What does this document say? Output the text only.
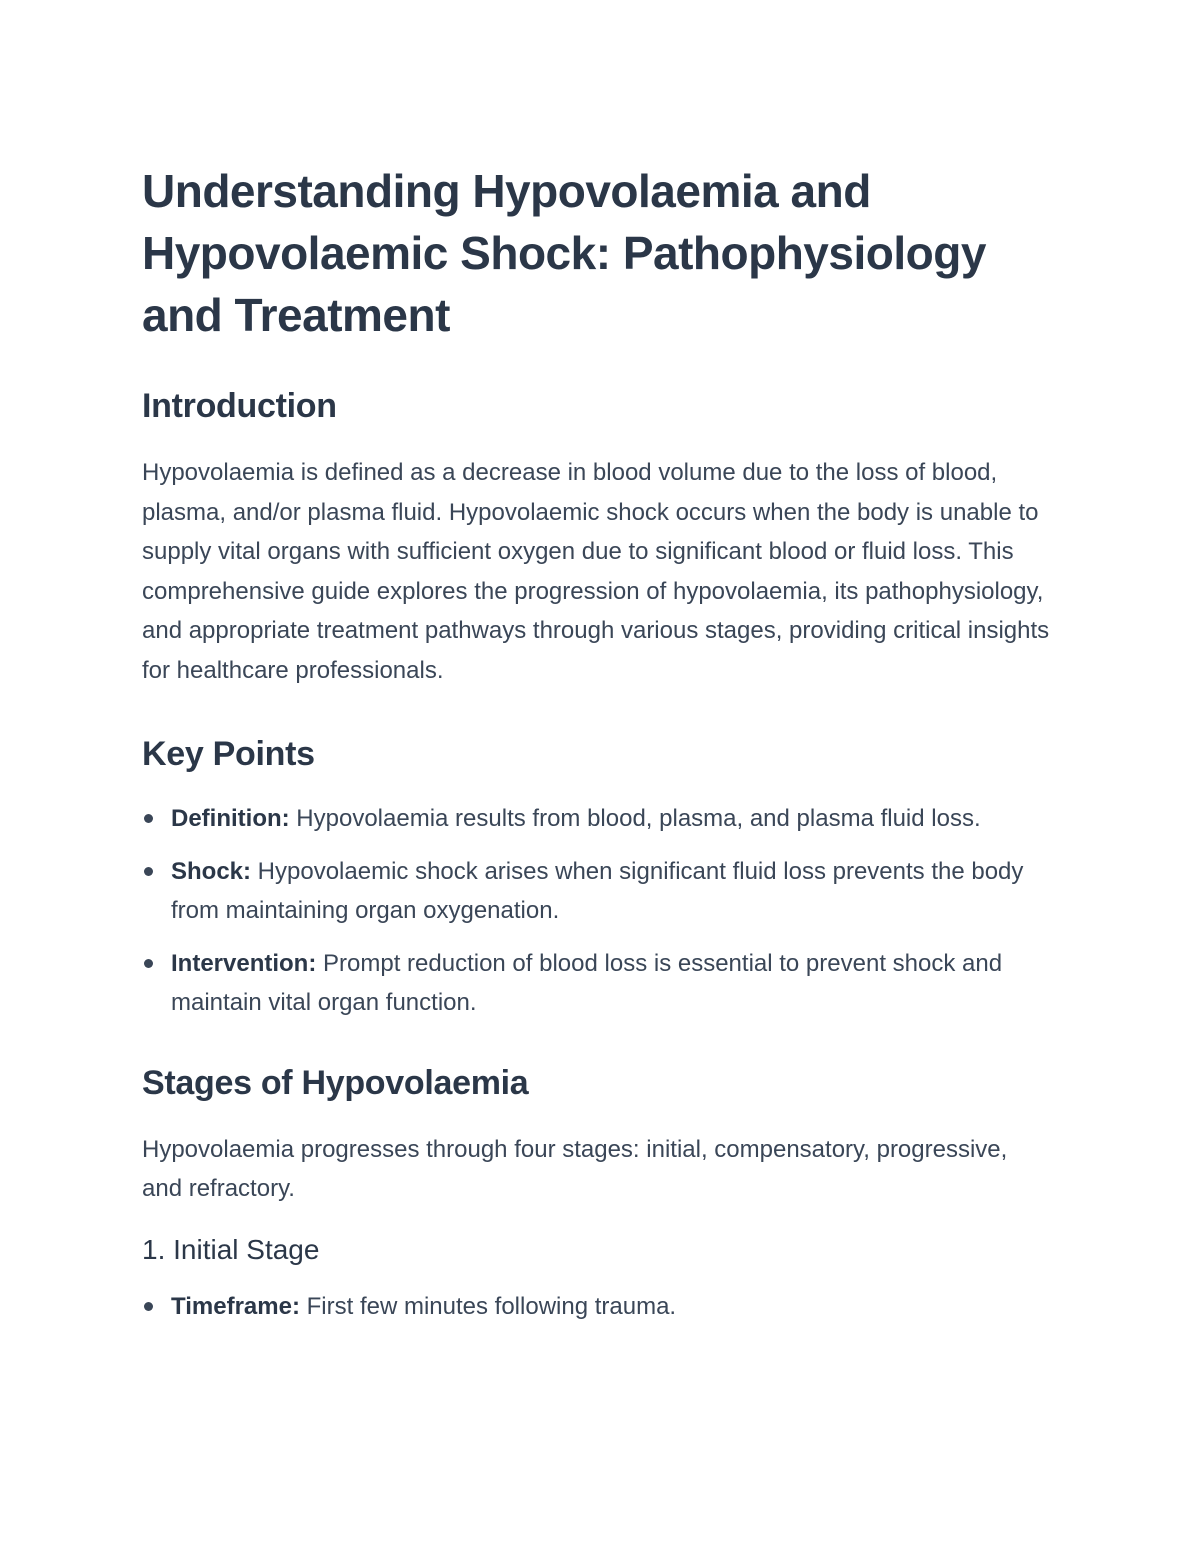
Understanding Hypovolaemia and Hypovolaemic Shock: Pathophysiology and Treatment
Introduction

Hypovolaemia is defined as a decrease in blood volume due to the loss of blood, plasma, and/or plasma fluid. Hypovolaemic shock occurs when the body is unable to supply vital organs with sufficient oxygen due to significant blood or fluid loss. This comprehensive guide explores the progression of hypovolaemia, its pathophysiology, and appropriate treatment pathways through various stages, providing critical insights for healthcare professionals.

Key Points
Definition: Hypovolaemia results from blood, plasma, and plasma fluid loss.
Shock: Hypovolaemic shock arises when significant fluid loss prevents the body from maintaining organ oxygenation.
Intervention: Prompt reduction of blood loss is essential to prevent shock and maintain vital organ function.
Stages of Hypovolaemia

Hypovolaemia progresses through four stages: initial, compensatory, progressive, and refractory.

1. Initial Stage
Timeframe: First few minutes following trauma.
